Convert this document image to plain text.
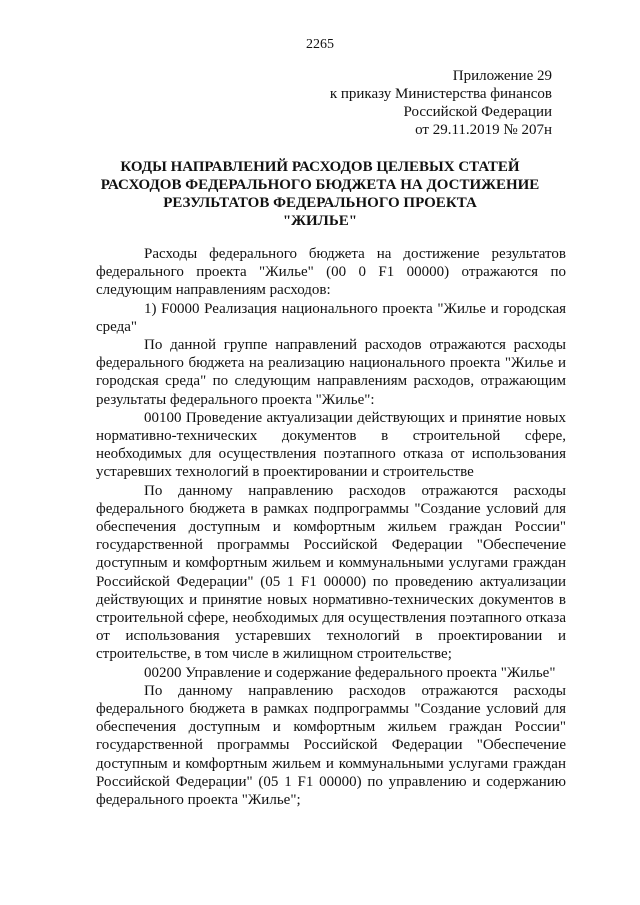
2265
Приложение 29
к приказу Министерства финансов
Российской Федерации
от 29.11.2019 № 207н
КОДЫ НАПРАВЛЕНИЙ РАСХОДОВ ЦЕЛЕВЫХ СТАТЕЙ
РАСХОДОВ ФЕДЕРАЛЬНОГО БЮДЖЕТА НА ДОСТИЖЕНИЕ
РЕЗУЛЬТАТОВ ФЕДЕРАЛЬНОГО ПРОЕКТА
"ЖИЛЬЕ"

Расходы федерального бюджета на достижение результатов федерального проекта "Жилье" (00 0 F1 00000) отражаются по следующим направлениям расходов:

1) F0000 Реализация национального проекта "Жилье и городская среда"

По данной группе направлений расходов отражаются расходы федерального бюджета на реализацию национального проекта "Жилье и городская среда" по следующим направлениям расходов, отражающим результаты федерального проекта "Жилье":

00100 Проведение актуализации действующих и принятие новых нормативно-технических документов в строительной сфере, необходимых для осуществления поэтапного отказа от использования устаревших технологий в проектировании и строительстве

По данному направлению расходов отражаются расходы федерального бюджета в рамках подпрограммы "Создание условий для обеспечения доступным и комфортным жильем граждан России" государственной программы Российской Федерации "Обеспечение доступным и комфортным жильем и коммунальными услугами граждан Российской Федерации" (05 1 F1 00000) по проведению актуализации действующих и принятие новых нормативно-технических документов в строительной сфере, необходимых для осуществления поэтапного отказа от использования устаревших технологий в проектировании и строительстве, в том числе в жилищном строительстве;

00200 Управление и содержание федерального проекта "Жилье"

По данному направлению расходов отражаются расходы федерального бюджета в рамках подпрограммы "Создание условий для обеспечения доступным и комфортным жильем граждан России" государственной программы Российской Федерации "Обеспечение доступным и комфортным жильем и коммунальными услугами граждан Российской Федерации" (05 1 F1 00000) по управлению и содержанию федерального проекта "Жилье";
